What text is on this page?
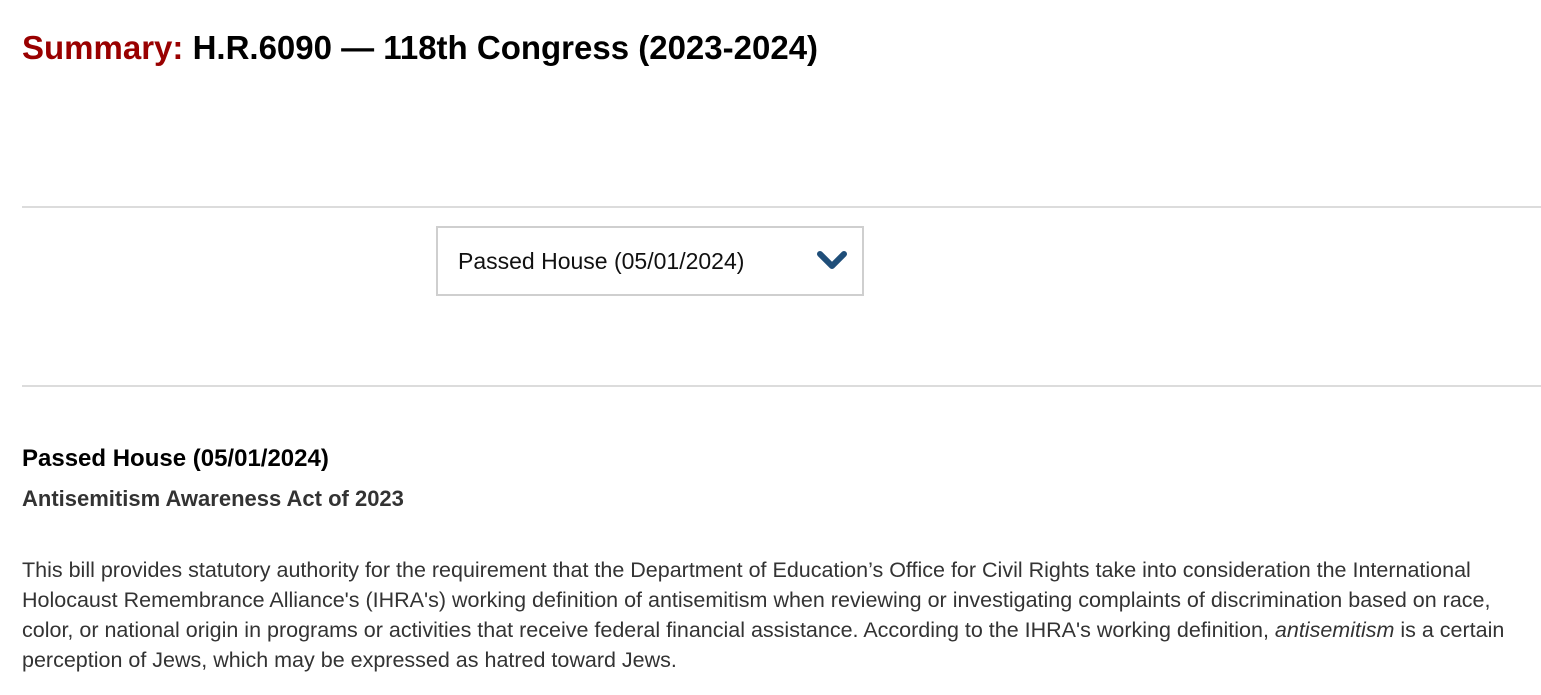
Summary: H.R.6090 — 118th Congress (2023-2024)
Passed House (05/01/2024)
Passed House (05/01/2024)
Antisemitism Awareness Act of 2023

This bill provides statutory authority for the requirement that the Department of Education’s Office for Civil Rights take into consideration the International Holocaust Remembrance Alliance's (IHRA's) working definition of antisemitism when reviewing or investigating complaints of discrimination based on race, color, or national origin in programs or activities that receive federal financial assistance. According to the IHRA's working definition, antisemitism is a certain perception of Jews, which may be expressed as hatred toward Jews.
